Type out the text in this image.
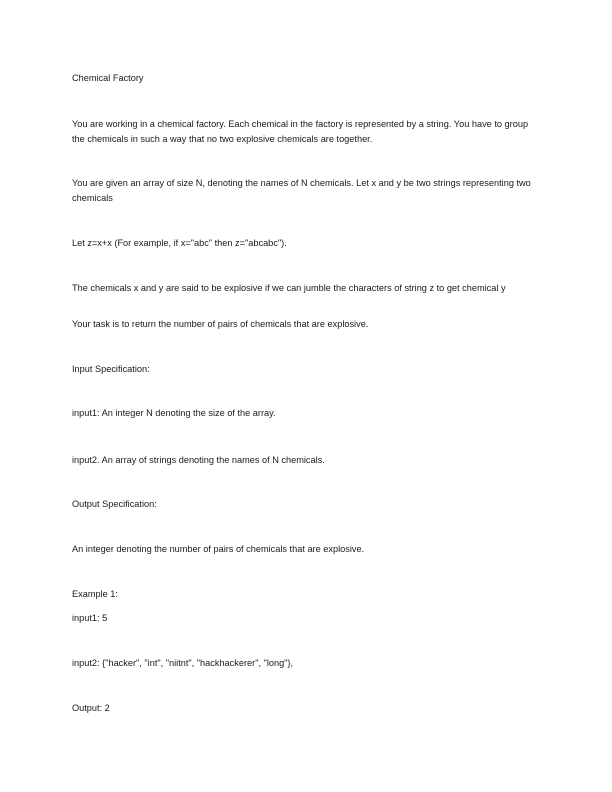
Chemical Factory
You are working in a chemical factory. Each chemical in the factory is represented by a string. You have to group the chemicals in such a way that no two explosive chemicals are together.
You are given an array of size N, denoting the names of N chemicals. Let x and y be two strings representing two chemicals
Let z=x+x (For example, if x="abc" then z="abcabc").
The chemicals x and y are said to be explosive if we can jumble the characters of string z to get chemical y
Your task is to return the number of pairs of chemicals that are explosive.
Input Specification:
input1: An integer N denoting the size of the array.
input2. An array of strings denoting the names of N chemicals.
Output Specification:
An integer denoting the number of pairs of chemicals that are explosive.
Example 1:
input1: 5
input2: {"hacker", "int", "niitnt", "hackhackerer", "long"},
Output: 2
